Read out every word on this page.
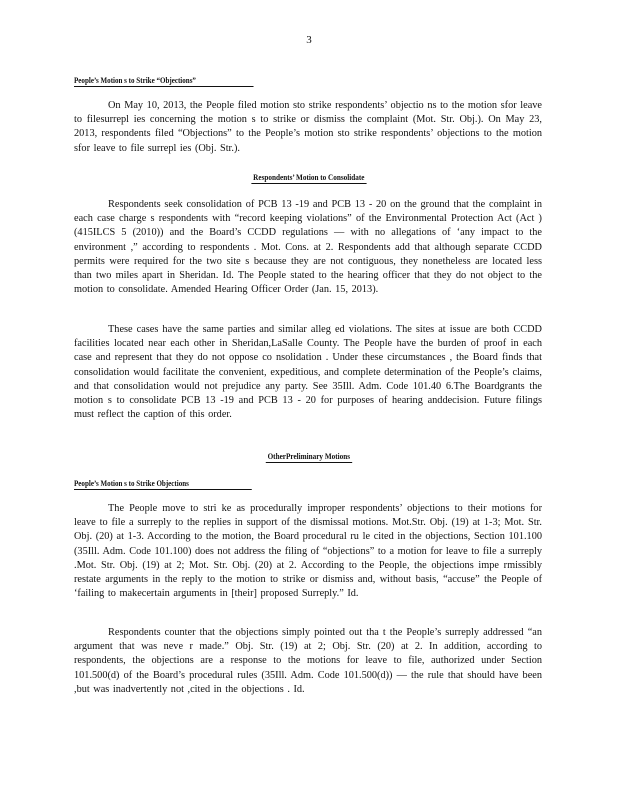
3
People’s Motion s to Strike “Objections”

On May 10, 2013, the People filed motion sto strike respondents’ objectio ns to the motion sfor leave to filesurrepl ies concerning the motion s to strike or dismiss the complaint (Mot. Str. Obj.). On May 23, 2013, respondents filed “Objections” to the People’s motion sto strike respondents’ objections to the motion sfor leave to file surrepl ies (Obj. Str.).

Respondents’ Motion to Consolidate

Respondents seek consolidation of PCB 13 -19 and PCB 13 - 20 on the ground that the complaint in each case charge s respondents with “record keeping violations” of the Environmental Protection Act (Act ) (415ILCS 5 (2010)) and the Board’s CCDD regulations — with no allegations of ‘any impact to the environment ,” according to respondents . Mot. Cons. at 2. Respondents add that although separate CCDD permits were required for the two site s because they are not contiguous, they nonetheless are located less than two miles apart in Sheridan. Id. The People stated to the hearing officer that they do not object to the motion to consolidate. Amended Hearing Officer Order (Jan. 15, 2013).

These cases have the same parties and similar alleg ed violations. The sites at issue are both CCDD facilities located near each other in Sheridan,LaSalle County. The People have the burden of proof in each case and represent that they do not oppose co nsolidation . Under these circumstances , the Board finds that consolidation would facilitate the convenient, expeditious, and complete determination of the People’s claims, and that consolidation would not prejudice any party. See 35Ill. Adm. Code 101.40 6.The Boardgrants the motion s to consolidate PCB 13 -19 and PCB 13 - 20 for purposes of hearing anddecision. Future filings must reflect the caption of this order.

OtherPreliminary Motions
People’s Motion s to Strike Objections

The People move to stri ke as procedurally improper respondents’ objections to their motions for leave to file a surreply to the replies in support of the dismissal motions. Mot.Str. Obj. (19) at 1-3; Mot. Str. Obj. (20) at 1-3. According to the motion, the Board procedural ru le cited in the objections, Section 101.100 (35Ill. Adm. Code 101.100) does not address the filing of “objections” to a motion for leave to file a surreply .Mot. Str. Obj. (19) at 2; Mot. Str. Obj. (20) at 2. According to the People, the objections impe rmissibly restate arguments in the reply to the motion to strike or dismiss and, without basis, “accuse” the People of ‘failing to makecertain arguments in [their] proposed Surreply.” Id.

Respondents counter that the objections simply pointed out tha t the People’s surreply addressed “an argument that was neve r made.” Obj. Str. (19) at 2; Obj. Str. (20) at 2. In addition, according to respondents, the objections are a response to the motions for leave to file, authorized under Section 101.500(d) of the Board’s procedural rules (35Ill. Adm. Code 101.500(d)) — the rule that should have been ,but was inadvertently not ,cited in the objections . Id.
